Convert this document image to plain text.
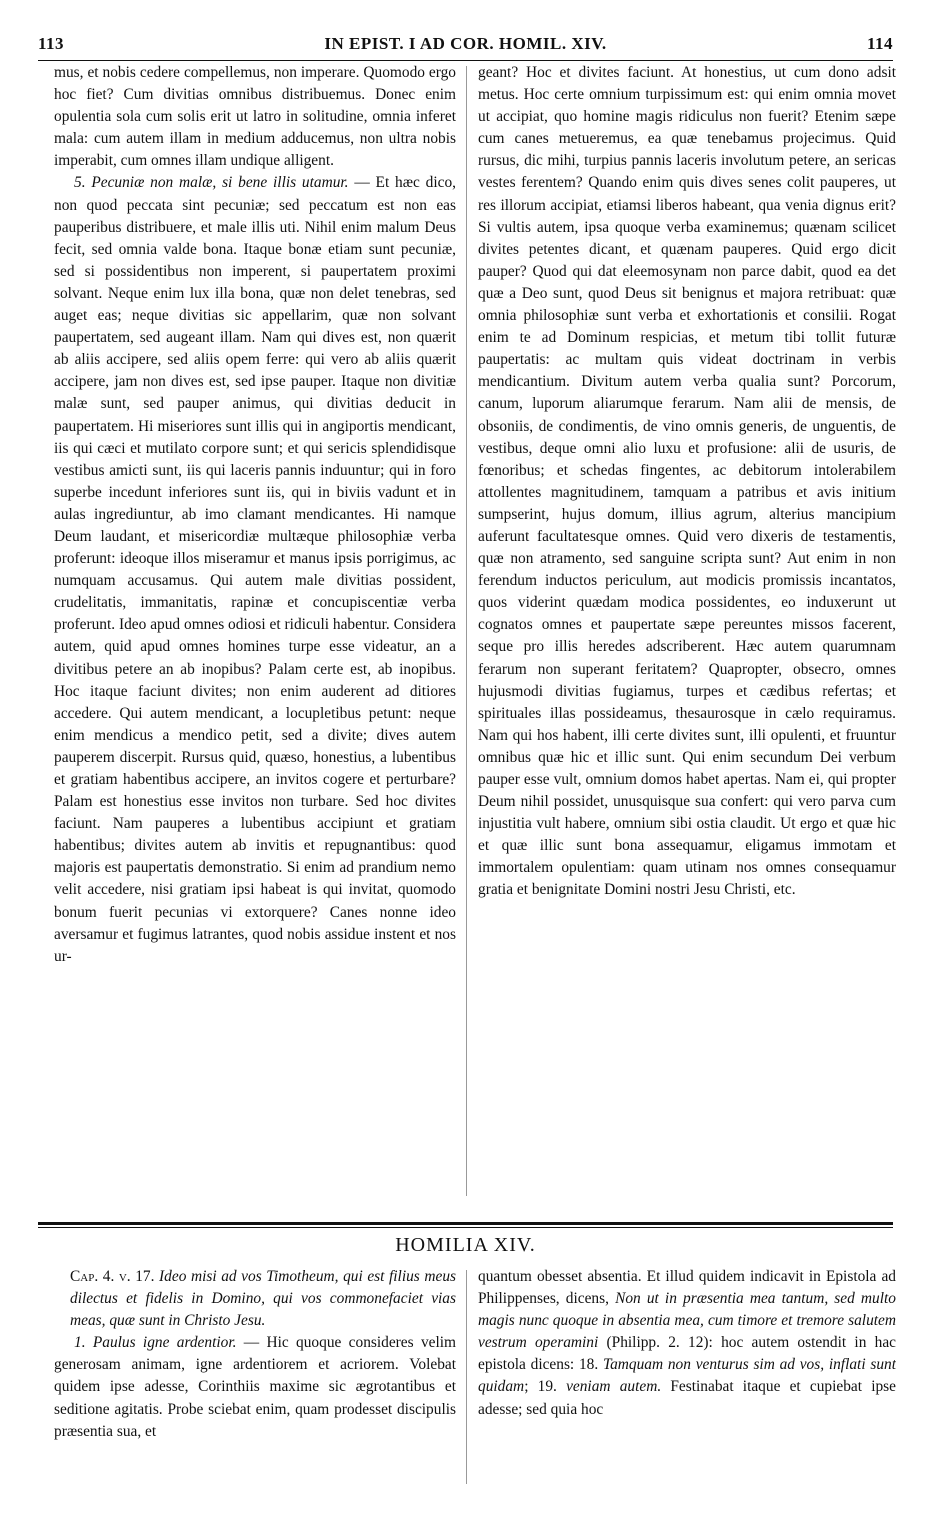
113	IN EPIST. I AD COR. HOMIL. XIV.	114

mus, et nobis cedere compellemus, non imperare. Quomodo ergo hoc fiet? Cum divitias omnibus distribuemus. Donec enim opulentia sola cum solis erit ut latro in solitudine, omnia inferet mala: cum autem illam in medium adducemus, non ultra nobis imperabit, cum omnes illam undique alligent.

5. Pecuniæ non malæ, si bene illis utamur. — Et hæc dico, non quod peccata sint pecuniæ; sed peccatum est non eas pauperibus distribuere, et male illis uti. Nihil enim malum Deus fecit, sed omnia valde bona. Itaque bonæ etiam sunt pecuniæ, sed si possidentibus non imperent, si paupertatem proximi solvant. Neque enim lux illa bona, quæ non delet tenebras, sed auget eas; neque divitias sic appellarim, quæ non solvant paupertatem, sed augeant illam. Nam qui dives est, non quærit ab aliis accipere, sed aliis opem ferre: qui vero ab aliis quærit accipere, jam non dives est, sed ipse pauper. Itaque non divitiæ malæ sunt, sed pauper animus, qui divitias deducit in paupertatem. Hi miseriores sunt illis qui in angiportis mendicant, iis qui cæci et mutilato corpore sunt; et qui sericis splendidisque vestibus amicti sunt, iis qui laceris pannis induuntur; qui in foro superbe incedunt inferiores sunt iis, qui in biviis vadunt et in aulas ingrediuntur, ab imo clamant mendicantes. Hi namque Deum laudant, et misericordiæ multæque philosophiæ verba proferunt: ideoque illos miseramur et manus ipsis porrigimus, ac numquam accusamus. Qui autem male divitias possident, crudelitatis, immanitatis, rapinæ et concupiscentiæ verba proferunt. Ideo apud omnes odiosi et ridiculi habentur. Considera autem, quid apud omnes homines turpe esse videatur, an a divitibus petere an ab inopibus? Palam certe est, ab inopibus. Hoc itaque faciunt divites; non enim auderent ad ditiores accedere. Qui autem mendicant, a locupletibus petunt: neque enim mendicus a mendico petit, sed a divite; dives autem pauperem discerpit. Rursus quid, quæso, honestius, a lubentibus et gratiam habentibus accipere, an invitos cogere et perturbare? Palam est honestius esse invitos non turbare. Sed hoc divites faciunt. Nam pauperes a lubentibus accipiunt et gratiam habentibus; divites autem ab invitis et repugnantibus: quod majoris est paupertatis demonstratio. Si enim ad prandium nemo velit accedere, nisi gratiam ipsi habeat is qui invitat, quomodo bonum fuerit pecunias vi extorquere? Canes nonne ideo aversamur et fugimus latrantes, quod nobis assidue instent et nos ur-

geant? Hoc et divites faciunt. At honestius, ut cum dono adsit metus. Hoc certe omnium turpissimum est: qui enim omnia movet ut accipiat, quo homine magis ridiculus non fuerit? Etenim sæpe cum canes metueremus, ea quæ tenebamus projecimus. Quid rursus, dic mihi, turpius pannis laceris involutum petere, an sericas vestes ferentem? Quando enim quis dives senes colit pauperes, ut res illorum accipiat, etiamsi liberos habeant, qua venia dignus erit? Si vultis autem, ipsa quoque verba examinemus; quænam scilicet divites petentes dicant, et quænam pauperes. Quid ergo dicit pauper? Quod qui dat eleemosynam non parce dabit, quod ea det quæ a Deo sunt, quod Deus sit benignus et majora retribuat: quæ omnia philosophiæ sunt verba et exhortationis et consilii. Rogat enim te ad Dominum respicias, et metum tibi tollit futuræ paupertatis: ac multam quis videat doctrinam in verbis mendicantium. Divitum autem verba qualia sunt? Porcorum, canum, luporum aliarumque ferarum. Nam alii de mensis, de obsoniis, de condimentis, de vino omnis generis, de unguentis, de vestibus, deque omni alio luxu et profusione: alii de usuris, de fœnoribus; et schedas fingentes, ac debitorum intolerabilem attollentes magnitudinem, tamquam a patribus et avis initium sumpserint, hujus domum, illius agrum, alterius mancipium auferunt facultatesque omnes. Quid vero dixeris de testamentis, quæ non atramento, sed sanguine scripta sunt? Aut enim in non ferendum inductos periculum, aut modicis promissis incantatos, quos viderint quædam modica possidentes, eo induxerunt ut cognatos omnes et paupertate sæpe pereuntes missos facerent, seque pro illis heredes adscriberent. Hæc autem quarumnam ferarum non superant feritatem? Quapropter, obsecro, omnes hujusmodi divitias fugiamus, turpes et cædibus refertas; et spirituales illas possideamus, thesaurosque in cælo requiramus. Nam qui hos habent, illi certe divites sunt, illi opulenti, et fruuntur omnibus quæ hic et illic sunt. Qui enim secundum Dei verbum pauper esse vult, omnium domos habet apertas. Nam ei, qui propter Deum nihil possidet, unusquisque sua confert: qui vero parva cum injustitia vult habere, omnium sibi ostia claudit. Ut ergo et quæ hic et quæ illic sunt bona assequamur, eligamus immotam et immortalem opulentiam: quam utinam nos omnes consequamur gratia et benignitate Domini nostri Jesu Christi, etc.

HOMILIA XIV.

Cap. 4. v. 17. Ideo misi ad vos Timotheum, qui est filius meus dilectus et fidelis in Domino, qui vos commonefaciet vias meas, quæ sunt in Christo Jesu.

1. Paulus igne ardentior. — Hic quoque consideres velim generosam animam, igne ardentiorem et acriorem. Volebat quidem ipse adesse, Corinthiis maxime sic ægrotantibus et seditione agitatis. Probe sciebat enim, quam prodesset discipulis præsentia sua, et

quantum obesset absentia. Et illud quidem indicavit in Epistola ad Philippenses, dicens, Non ut in præsentia mea tantum, sed multo magis nunc quoque in absentia mea, cum timore et tremore salutem vestrum operamini (Philipp. 2. 12): hoc autem ostendit in hac epistola dicens: 18. Tamquam non venturus sim ad vos, inflati sunt quidam; 19. veniam autem. Festinabat itaque et cupiebat ipse adesse; sed quia hoc
